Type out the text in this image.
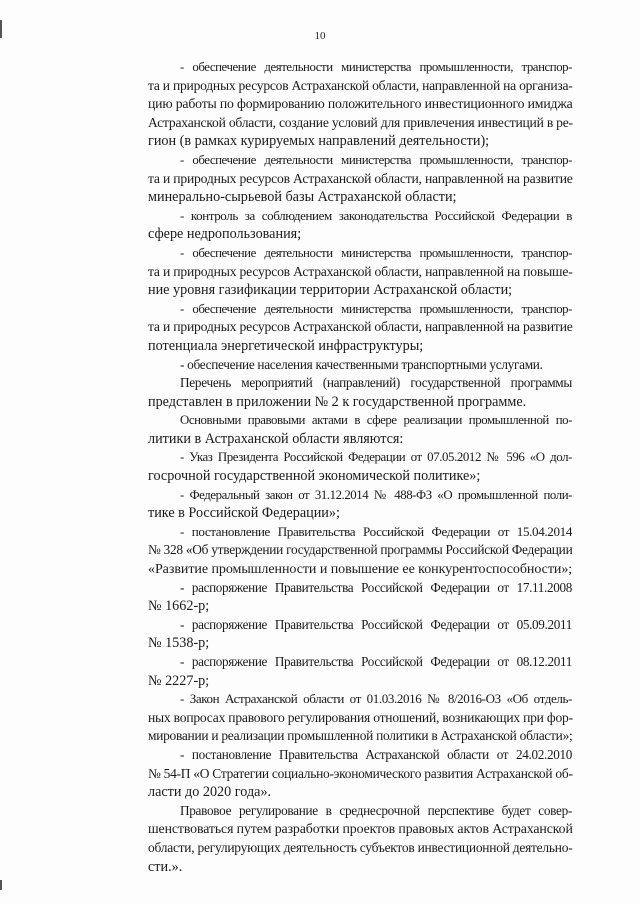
10
- обеспечение деятельности министерства промышленности, транспор-
та и природных ресурсов Астраханской области, направленной на организа-
цию работы по формированию положительного инвестиционного имиджа
Астраханской области, создание условий для привлечения инвестиций в ре-
гион (в рамках курируемых направлений деятельности);
- обеспечение деятельности министерства промышленности, транспор-
та и природных ресурсов Астраханской области, направленной на развитие
минерально-сырьевой базы Астраханской области;
- контроль за соблюдением законодательства Российской Федерации в
сфере недропользования;
- обеспечение деятельности министерства промышленности, транспор-
та и природных ресурсов Астраханской области, направленной на повыше-
ние уровня газификации территории Астраханской области;
- обеспечение деятельности министерства промышленности, транспор-
та и природных ресурсов Астраханской области, направленной на развитие
потенциала энергетической инфраструктуры;
- обеспечение населения качественными транспортными услугами.
Перечень мероприятий (направлений) государственной программы
представлен в приложении № 2 к государственной программе.
Основными правовыми актами в сфере реализации промышленной по-
литики в Астраханской области являются:
- Указ Президента Российской Федерации от 07.05.2012 № 596 «О дол-
госрочной государственной экономической политике»;
- Федеральный закон от 31.12.2014 № 488-ФЗ «О промышленной поли-
тике в Российской Федерации»;
- постановление Правительства Российской Федерации от 15.04.2014
№ 328 «Об утверждении государственной программы Российской Федерации
«Развитие промышленности и повышение ее конкурентоспособности»;
- распоряжение Правительства Российской Федерации от 17.11.2008
№ 1662-р;
- распоряжение Правительства Российской Федерации от 05.09.2011
№ 1538-р;
- распоряжение Правительства Российской Федерации от 08.12.2011
№ 2227-р;
- Закон Астраханской области от 01.03.2016 № 8/2016-ОЗ «Об отдель-
ных вопросах правового регулирования отношений, возникающих при фор-
мировании и реализации промышленной политики в Астраханской области»;
- постановление Правительства Астраханской области от 24.02.2010
№ 54-П «О Стратегии социально-экономического развития Астраханской об-
ласти до 2020 года».
Правовое регулирование в среднесрочной перспективе будет совер-
шенствоваться путем разработки проектов правовых актов Астраханской
области, регулирующих деятельность субъектов инвестиционной деятельно-
сти.».
